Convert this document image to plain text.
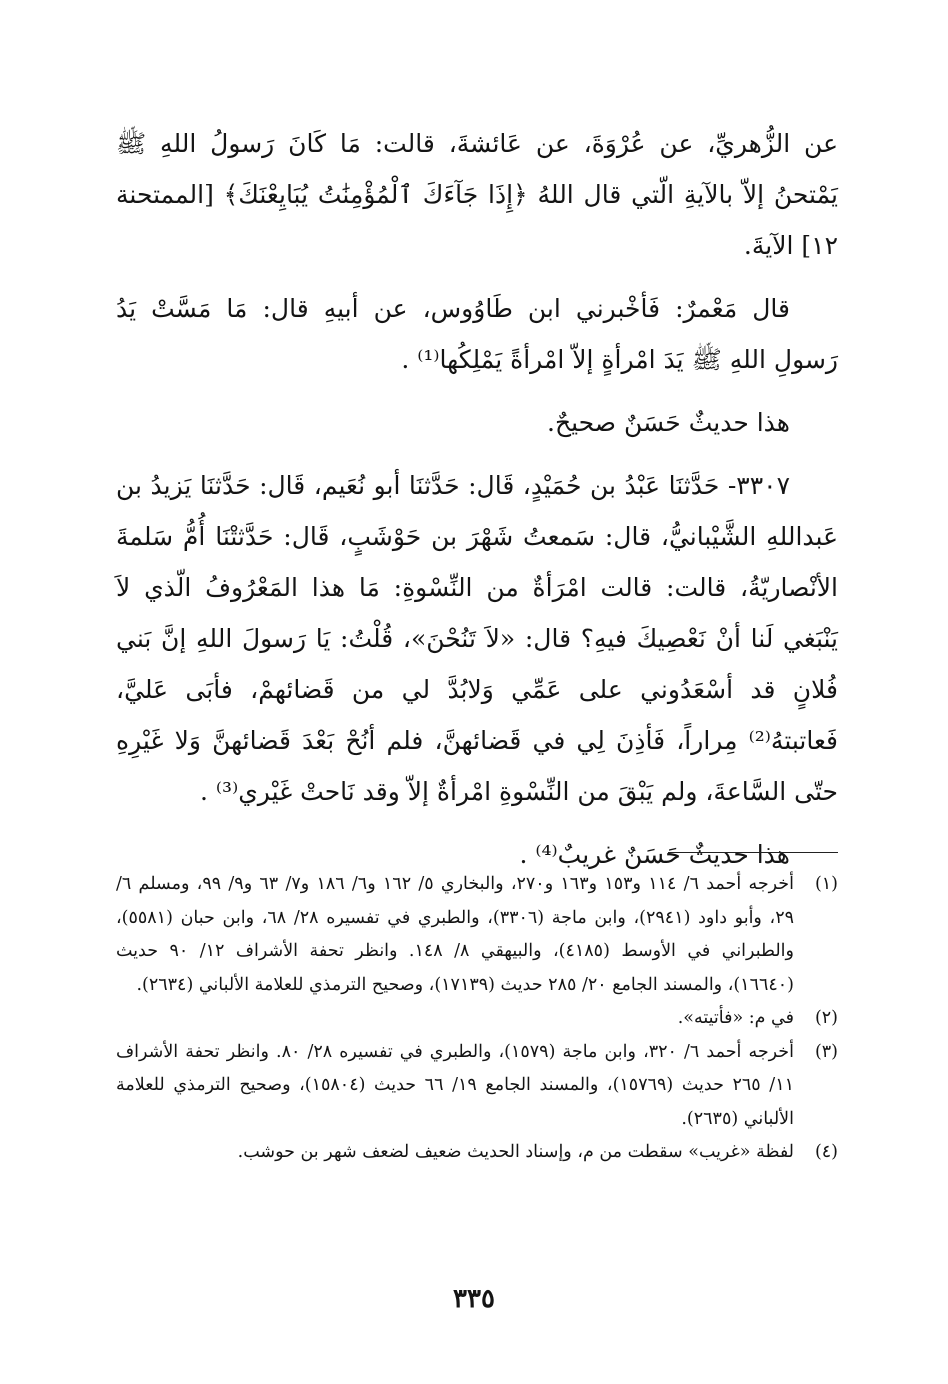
عن الزُّهريِّ، عن عُرْوَةَ، عن عَائشةَ، قالت: مَا كَانَ رَسولُ اللهِ ﷺ يَمْتحنُ إلاّ بالآيةِ الّتي قال اللهُ ﴿إِذَا جَآءَكَ ٱلْمُؤْمِنَٰتُ يُبَايِعْنَكَ﴾ [الممتحنة ١٢] الآيةَ.

قال مَعْمرٌ: فَأخْبرني ابن طَاوُوس، عن أبيهِ قال: مَا مَسَّتْ يَدُ رَسولِ اللهِ ﷺ يَدَ امْرأةٍ إلاّ امْرأةً يَمْلِكُها⁽¹⁾ .

هذا حديثٌ حَسَنٌ صحيحٌ.

٣٣٠٧- حَدَّثنَا عَبْدُ بن حُمَيْدٍ، قَال: حَدَّثنَا أبو نُعَيم، قَال: حَدَّثنَا يَزيدُ بن عَبداللهِ الشَّيْبانيُّ، قال: سَمعتُ شَهْرَ بن حَوْشَبٍ، قَال: حَدَّثتْنَا أُمُّ سَلمةَ الأنْصاريّةُ، قالت: قالت امْرَأةٌ من النِّسْوةِ: مَا هذا المَعْرُوفُ الّذي لاَ يَنْبَغي لَنا أنْ نَعْصِيكَ فيهِ؟ قال: «لاَ تَنُحْنَ»، قُلْتُ: يَا رَسولَ اللهِ إنَّ بَني فُلانٍ قد أسْعَدُوني على عَمِّي وَلابُدَّ لي من قَضائهمْ، فأبَى عَليَّ، فَعاتبتهُ⁽²⁾ مِراراً، فَأذِنَ لِي في قَضائهنَّ، فلم أنُحْ بَعْدَ قَضائهنَّ وَلا غَيْرِهِ حتّى السَّاعةَ، ولم يَبْقَ من النِّسْوةِ امْرأةٌ إلاّ وقد نَاحتْ غَيْري⁽³⁾ .

هذا حديثٌ حَسَنٌ غريبٌ⁽⁴⁾ .

(١)
أخرجه أحمد ٦/ ١١٤ و١٥٣ و١٦٣ و٢٧٠، والبخاري ٥/ ١٦٢ و٦/ ١٨٦ و٧/ ٦٣ و٩/ ٩٩، ومسلم ٦/ ٢٩، وأبو داود (٢٩٤١)، وابن ماجة (٣٣٠٦)، والطبري في تفسيره ٢٨/ ٦٨، وابن حبان (٥٥٨١)، والطبراني في الأوسط (٤١٨٥)، والبيهقي ٨/ ١٤٨. وانظر تحفة الأشراف ١٢/ ٩٠ حديث (١٦٦٤٠)، والمسند الجامع ٢٠/ ٢٨٥ حديث (١٧١٣٩)، وصحيح الترمذي للعلامة الألباني (٢٦٣٤).
(٢)
في م: «فأتيته».
(٣)
أخرجه أحمد ٦/ ٣٢٠، وابن ماجة (١٥٧٩)، والطبري في تفسيره ٢٨/ ٨٠. وانظر تحفة الأشراف ١١/ ٢٦٥ حديث (١٥٧٦٩)، والمسند الجامع ١٩/ ٦٦ حديث (١٥٨٠٤)، وصحيح الترمذي للعلامة الألباني (٢٦٣٥).
(٤)
لفظة «غريب» سقطت من م، وإسناد الحديث ضعيف لضعف شهر بن حوشب.
٣٣٥
